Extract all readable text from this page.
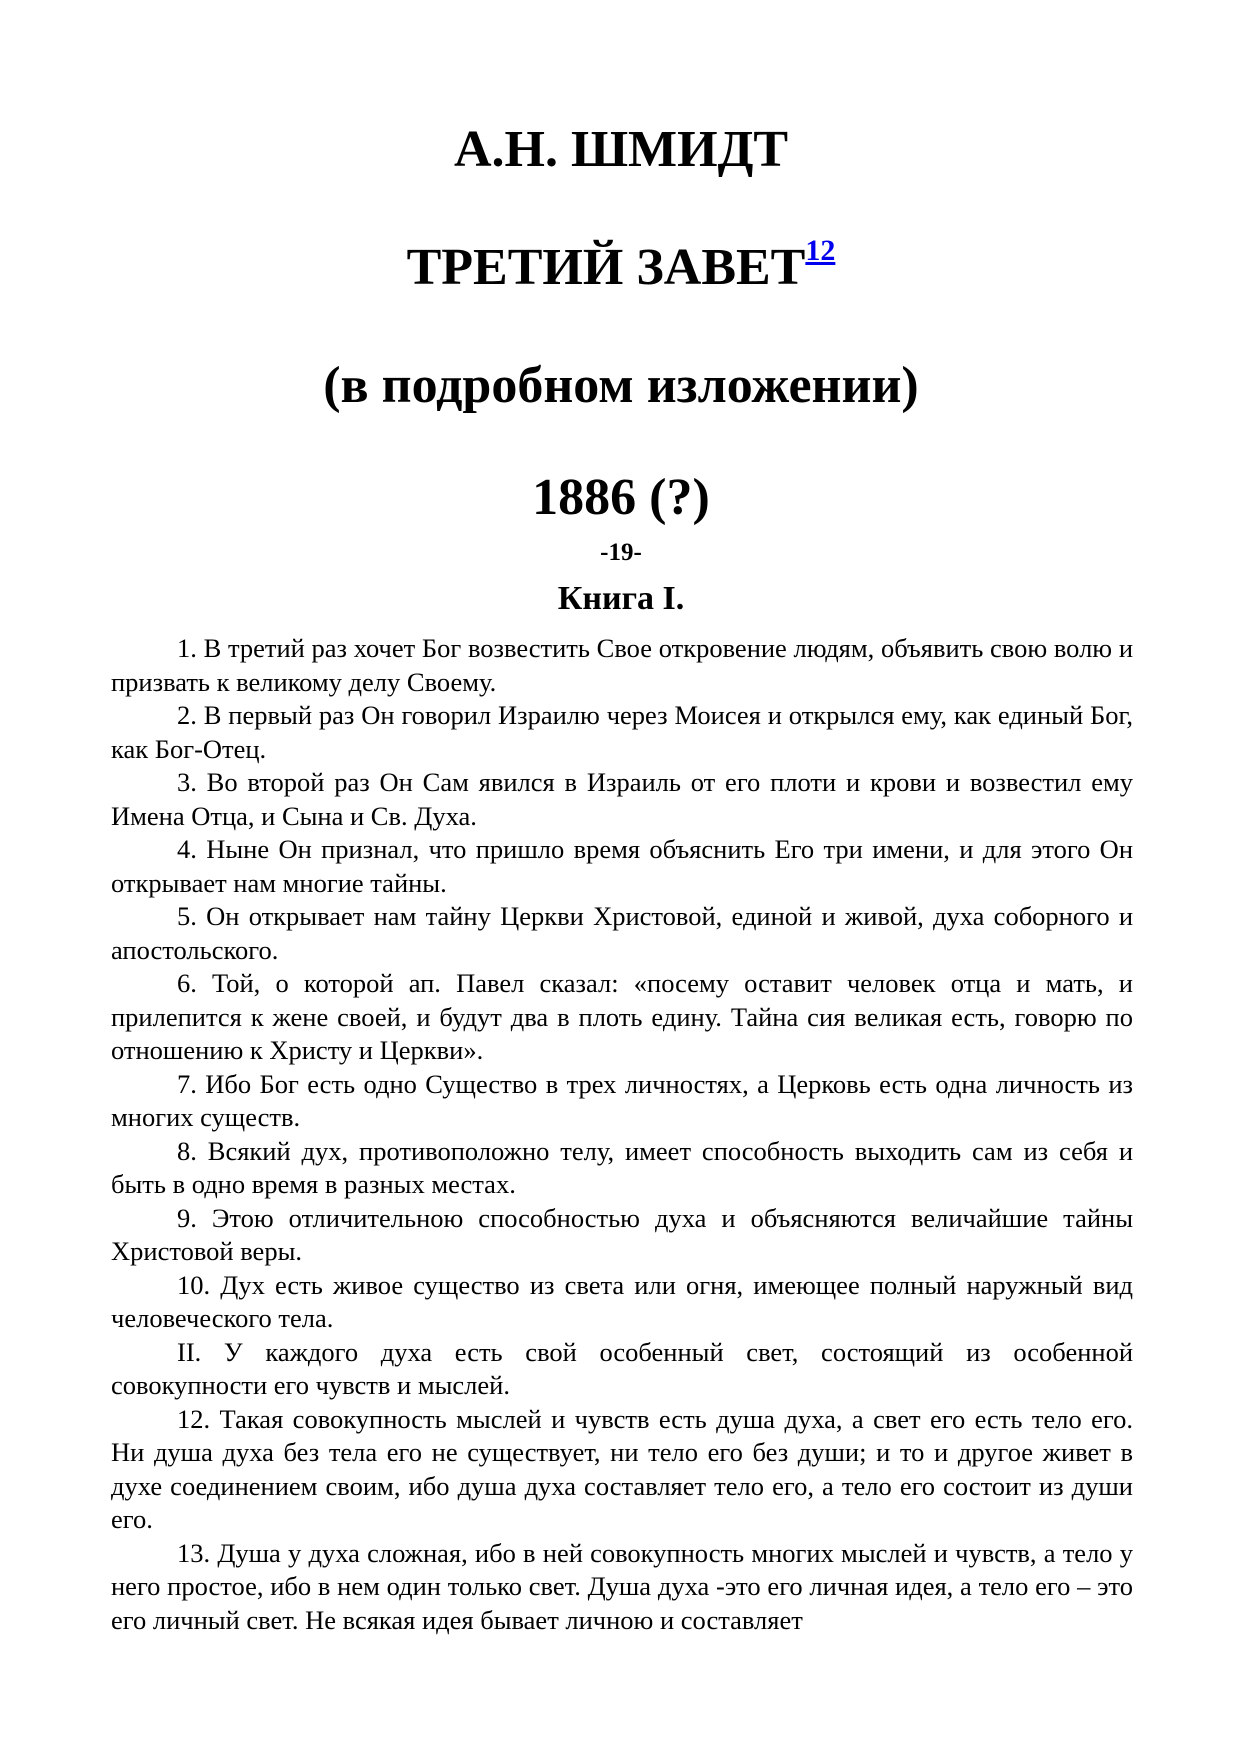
А.Н. ШМИДТ
ТРЕТИЙ ЗАВЕТ$^{12}$
(в подробном изложении)
1886 (?)
-19-
Книга I.

1. В третий раз хочет Бог возвестить Свое откровение людям, объявить свою волю и призвать к великому делу Своему.

2. В первый раз Он говорил Израилю через Моисея и открылся ему, как единый Бог, как Бог-Отец.

3. Во второй раз Он Сам явился в Израиль от его плоти и крови и возвестил ему Имена Отца, и Сына и Св. Духа.

4. Ныне Он признал, что пришло время объяснить Его три имени, и для этого Он открывает нам многие тайны.

5. Он открывает нам тайну Церкви Христовой, единой и живой, духа соборного и апостольского.

6. Той, о которой ап. Павел сказал: «посему оставит человек отца и мать, и прилепится к жене своей, и будут два в плоть едину. Тайна сия великая есть, говорю по отношению к Христу и Церкви».

7. Ибо Бог есть одно Существо в трех личностях, а Церковь есть одна личность из многих существ.

8. Всякий дух, противоположно телу, имеет способность выходить сам из себя и быть в одно время в разных местах.

9. Этою отличительною способностью духа и объясняются величайшие тайны Христовой веры.

10. Дух есть живое существо из света или огня, имеющее полный наружный вид человеческого тела.

II. У каждого духа есть свой особенный свет, состоящий из особенной совокупности его чувств и мыслей.

12. Такая совокупность мыслей и чувств есть душа духа, а свет его есть тело его. Ни душа духа без тела его не существует, ни тело его без души; и то и другое живет в духе соединением своим, ибо душа духа составляет тело его, а тело его состоит из души его.

13. Душа у духа сложная, ибо в ней совокупность многих мыслей и чувств, а тело у него простое, ибо в нем один только свет. Душа духа -это его личная идея, а тело его – это его личный свет. Не всякая идея бывает личною и составляет
